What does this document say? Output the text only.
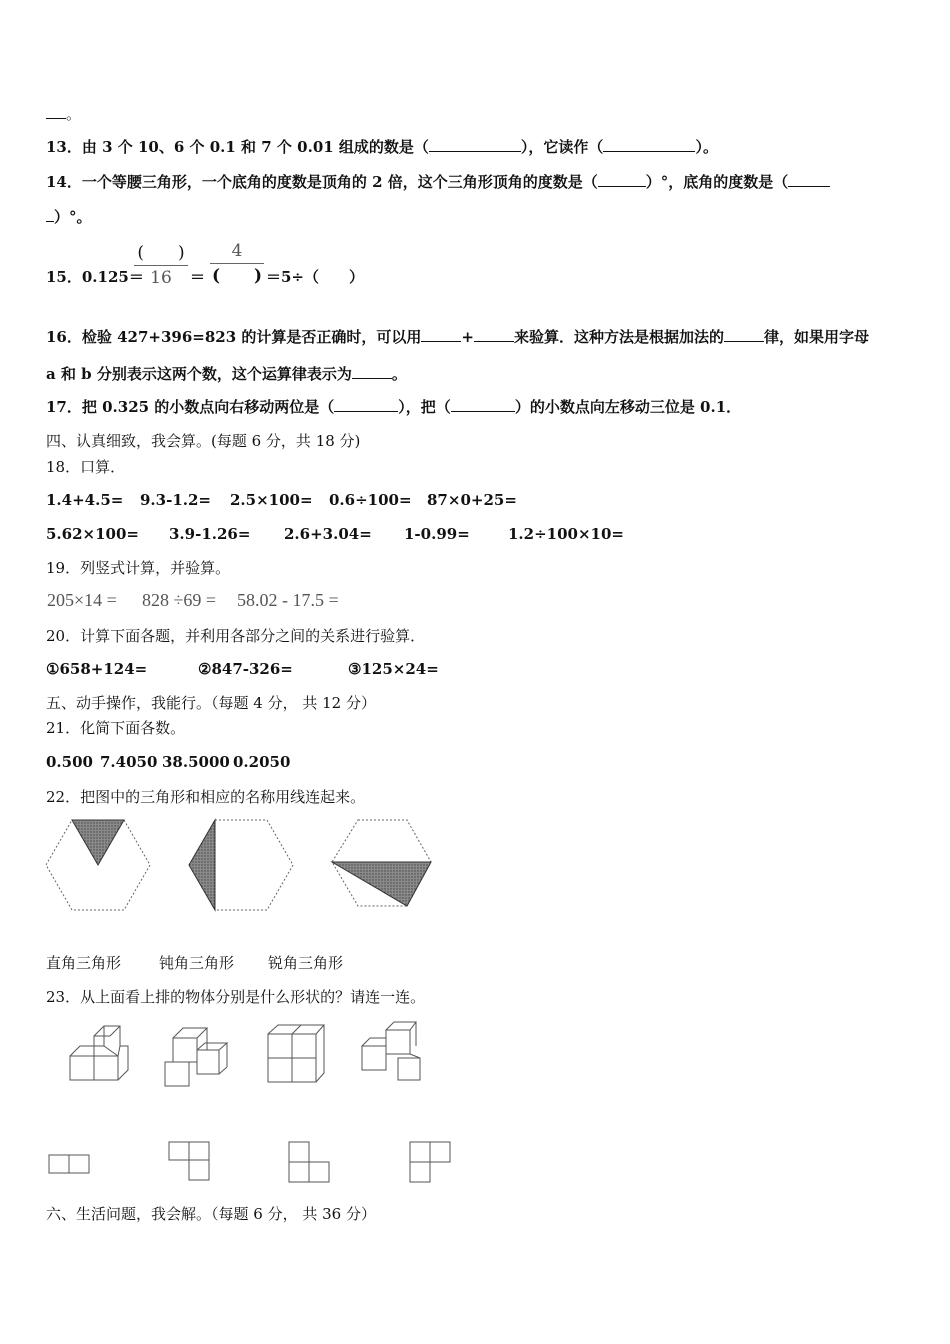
。
13．由 3 个 10、6 个 0.1 和 7 个 0.01 组成的数是（	），它读作（	）。
14．一个等腰三角形，一个底角的度数是顶角的 2 倍，这个三角形顶角的度数是（	）°，底角的度数是（
）°。
15．0.125＝
(　　)
16	＝
4
(　　) ＝5÷（　　）
16．检验 427+396=823 的计算是否正确时，可以用	+	来验算．这种方法是根据加法的	律，如果用字母
a 和 b 分别表示这两个数，这个运算律表示为	。
17．把 0.325 的小数点向右移动两位是（	），把（	）的小数点向左移动三位是 0.1．
四、认真细致，我会算。(每题 6 分，共 18 分)
18．口算．
1.4+4.5= 9.3-1.2= 2.5×100= 0.6÷100= 87×0+25=
5.62×100= 3.9-1.26= 2.6+3.04= 1-0.99=	1.2÷100×10=
19．列竖式计算，并验算。
205×14 = 828 ÷69 = 58.02 - 17.5 =
20．计算下面各题，并利用各部分之间的关系进行验算．
①658+124=	②847-326=	③125×24=
五、动手操作，我能行。（每题 4 分， 共 12 分）
21．化简下面各数。
0.500 7.4050 38.5000 0.2050
22．把图中的三角形和相应的名称用线连起来。
直角三角形	钝角三角形 锐角三角形
23．从上面看上排的物体分别是什么形状的？请连一连。
六、生活问题，我会解。（每题 6 分， 共 36 分）
